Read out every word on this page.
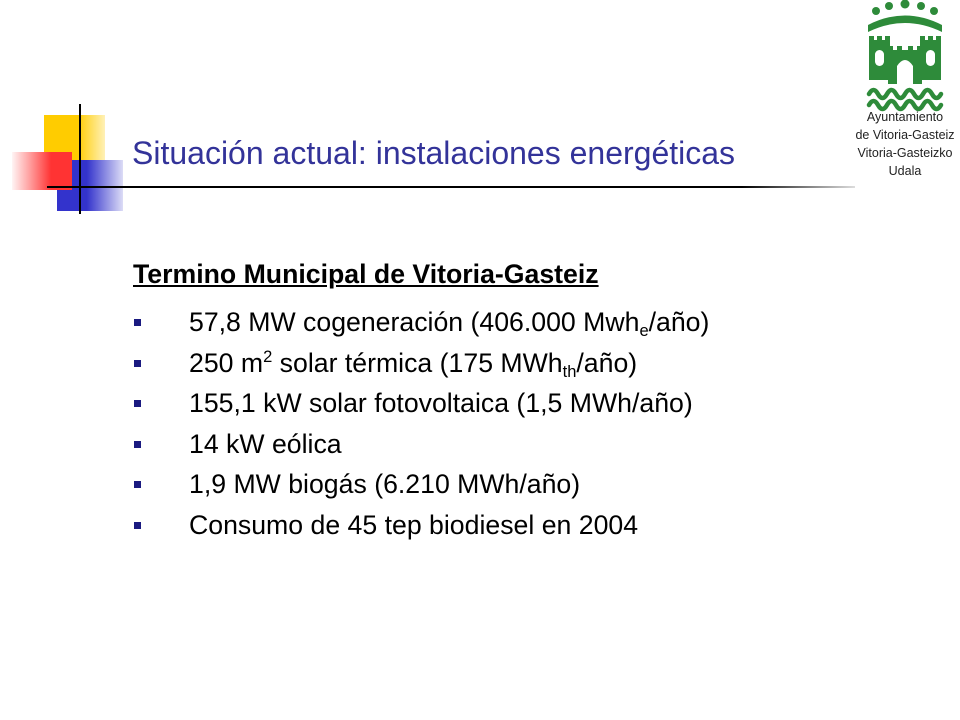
Situación actual: instalaciones energéticas
Ayuntamiento
de Vitoria-Gasteiz
Vitoria-Gasteizko
Udala
Termino Municipal de Vitoria-Gasteiz
57,8 MW cogeneración (406.000 Mwhe/año)
250 $m^2$ solar térmica (175 MWhth/año)
155,1 kW solar fotovoltaica (1,5 MWh/año)
14 kW eólica
1,9 MW biogás (6.210 MWh/año)
Consumo de 45 tep biodiesel en 2004
